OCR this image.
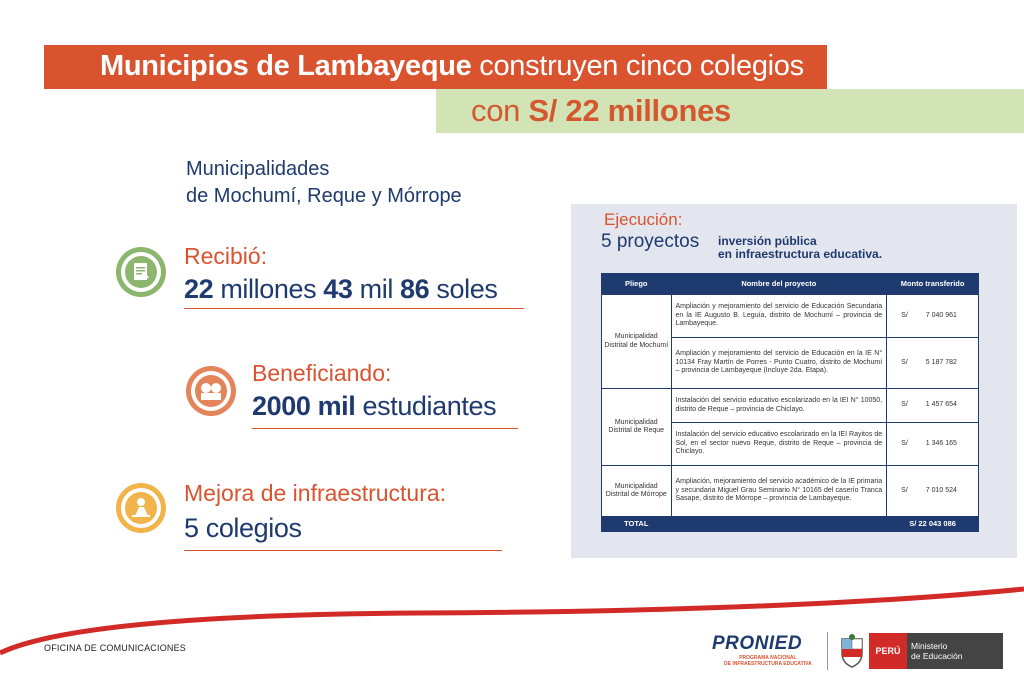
Municipios de Lambayeque construyen cinco colegios
con S/ 22 millones
Municipalidades
de Mochumí, Reque y Mórrope
Recibió:
22 millones 43 mil 86 soles
Beneficiando:
2000 mil estudiantes
Mejora de infraestructura:
5 colegios
Ejecución:
5 proyectos inversión pública
en infraestructura educativa.
Pliego	Nombre del proyecto	Monto transferido
Municipalidad Distrital de Mochumí	Ampliación y mejoramiento del servicio de Educación Secundaria en la IE Augusto B. Leguía, distrito de Mochumí – provincia de Lambayeque.	S/ 7 040 961
	Ampliación y mejoramiento del servicio de Educación en la IE N° 10134 Fray Martín de Porres - Punto Cuatro, distrito de Mochumí – provincia de Lambayeque (Incluye 2da. Etapa).	S/ 5 187 782
Municipalidad Distrital de Reque	Instalación del servicio educativo escolarizado en la IEI N° 10050, distrito de Reque – provincia de Chiclayo.	S/ 1 457 654
	Instalación del servicio educativo escolarizado en la IEI Rayitos de Sol, en el sector nuevo Reque, distrito de Reque – provincia de Chiclayo.	S/ 1 346 165
Municipalidad Distrital de Mórrope	Ampliación, mejoramiento del servicio académico de la IE primaria y secundaria Miguel Grau Seminario N° 10165 del caserío Tranca Sasape, distrito de Mórrope – provincia de Lambayeque.	S/ 7 010 524
TOTAL		S/ 22 043 086
OFICINA DE COMUNICACIONES	PRONIED
PROGRAMA NACIONAL
DE INFRAESTRUCTURA EDUCATIVA
PERÚ	Ministerio
de Educación
